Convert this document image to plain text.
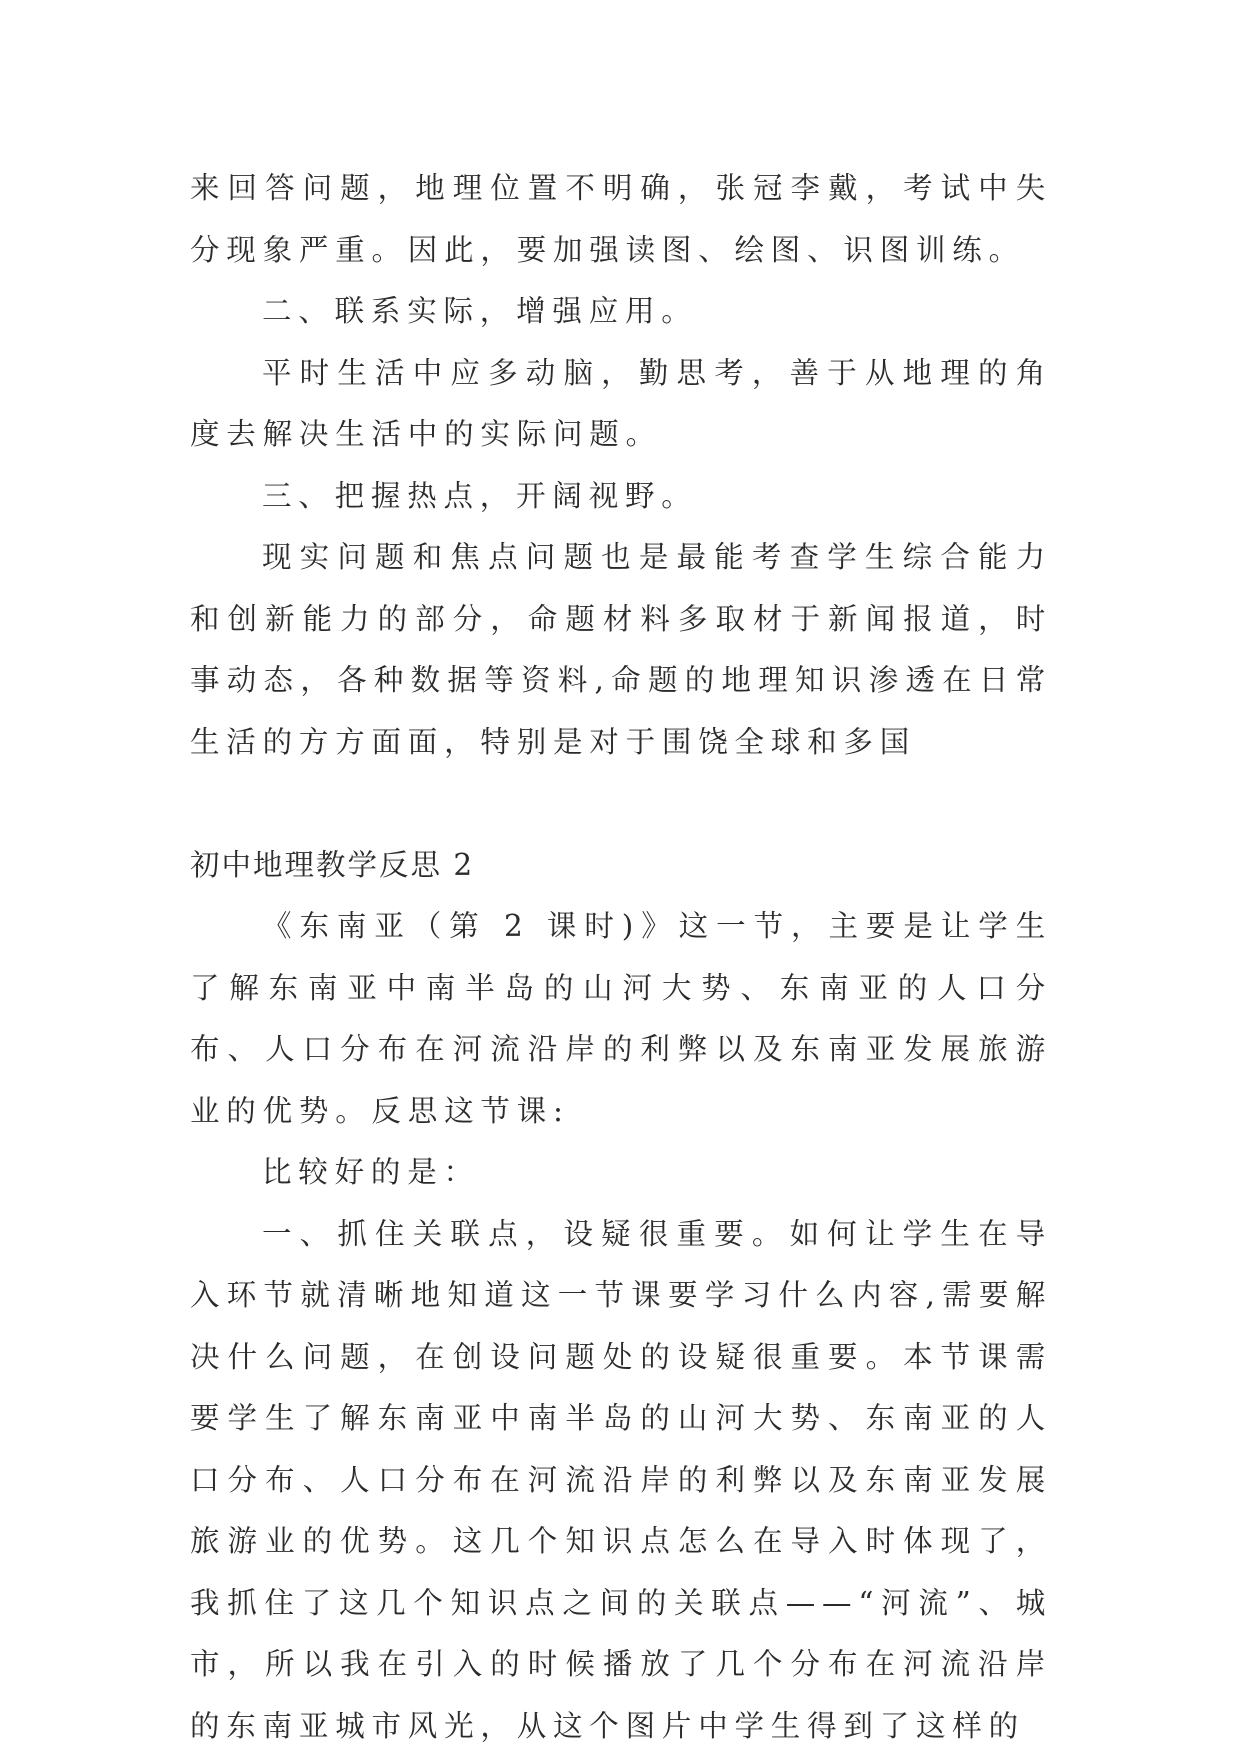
来回答问题，地理位置不明确，张冠李戴，考试中失分现象严重。因此，要加强读图、绘图、识图训练。

二、联系实际，增强应用。

平时生活中应多动脑，勤思考，善于从地理的角度去解决生活中的实际问题。

三、把握热点，开阔视野。

现实问题和焦点问题也是最能考查学生综合能力和创新能力的部分，命题材料多取材于新闻报道，时事动态，各种数据等资料,命题的地理知识渗透在日常生活的方方面面，特别是对于围饶全球和多国

初中地理教学反思 2

《东南亚（第 2 课时)》这一节，主要是让学生了解东南亚中南半岛的山河大势、东南亚的人口分布、人口分布在河流沿岸的利弊以及东南亚发展旅游业的优势。反思这节课:

比较好的是：

一、抓住关联点，设疑很重要。如何让学生在导入环节就清晰地知道这一节课要学习什么内容,需要解决什么问题，在创设问题处的设疑很重要。本节课需要学生了解东南亚中南半岛的山河大势、东南亚的人口分布、人口分布在河流沿岸的利弊以及东南亚发展旅游业的优势。这几个知识点怎么在导入时体现了，我抓住了这几个知识点之间的关联点——“河流”、城市，所以我在引入的时候播放了几个分布在河流沿岸的东南亚城市风光，从这个图片中学生得到了这样的
